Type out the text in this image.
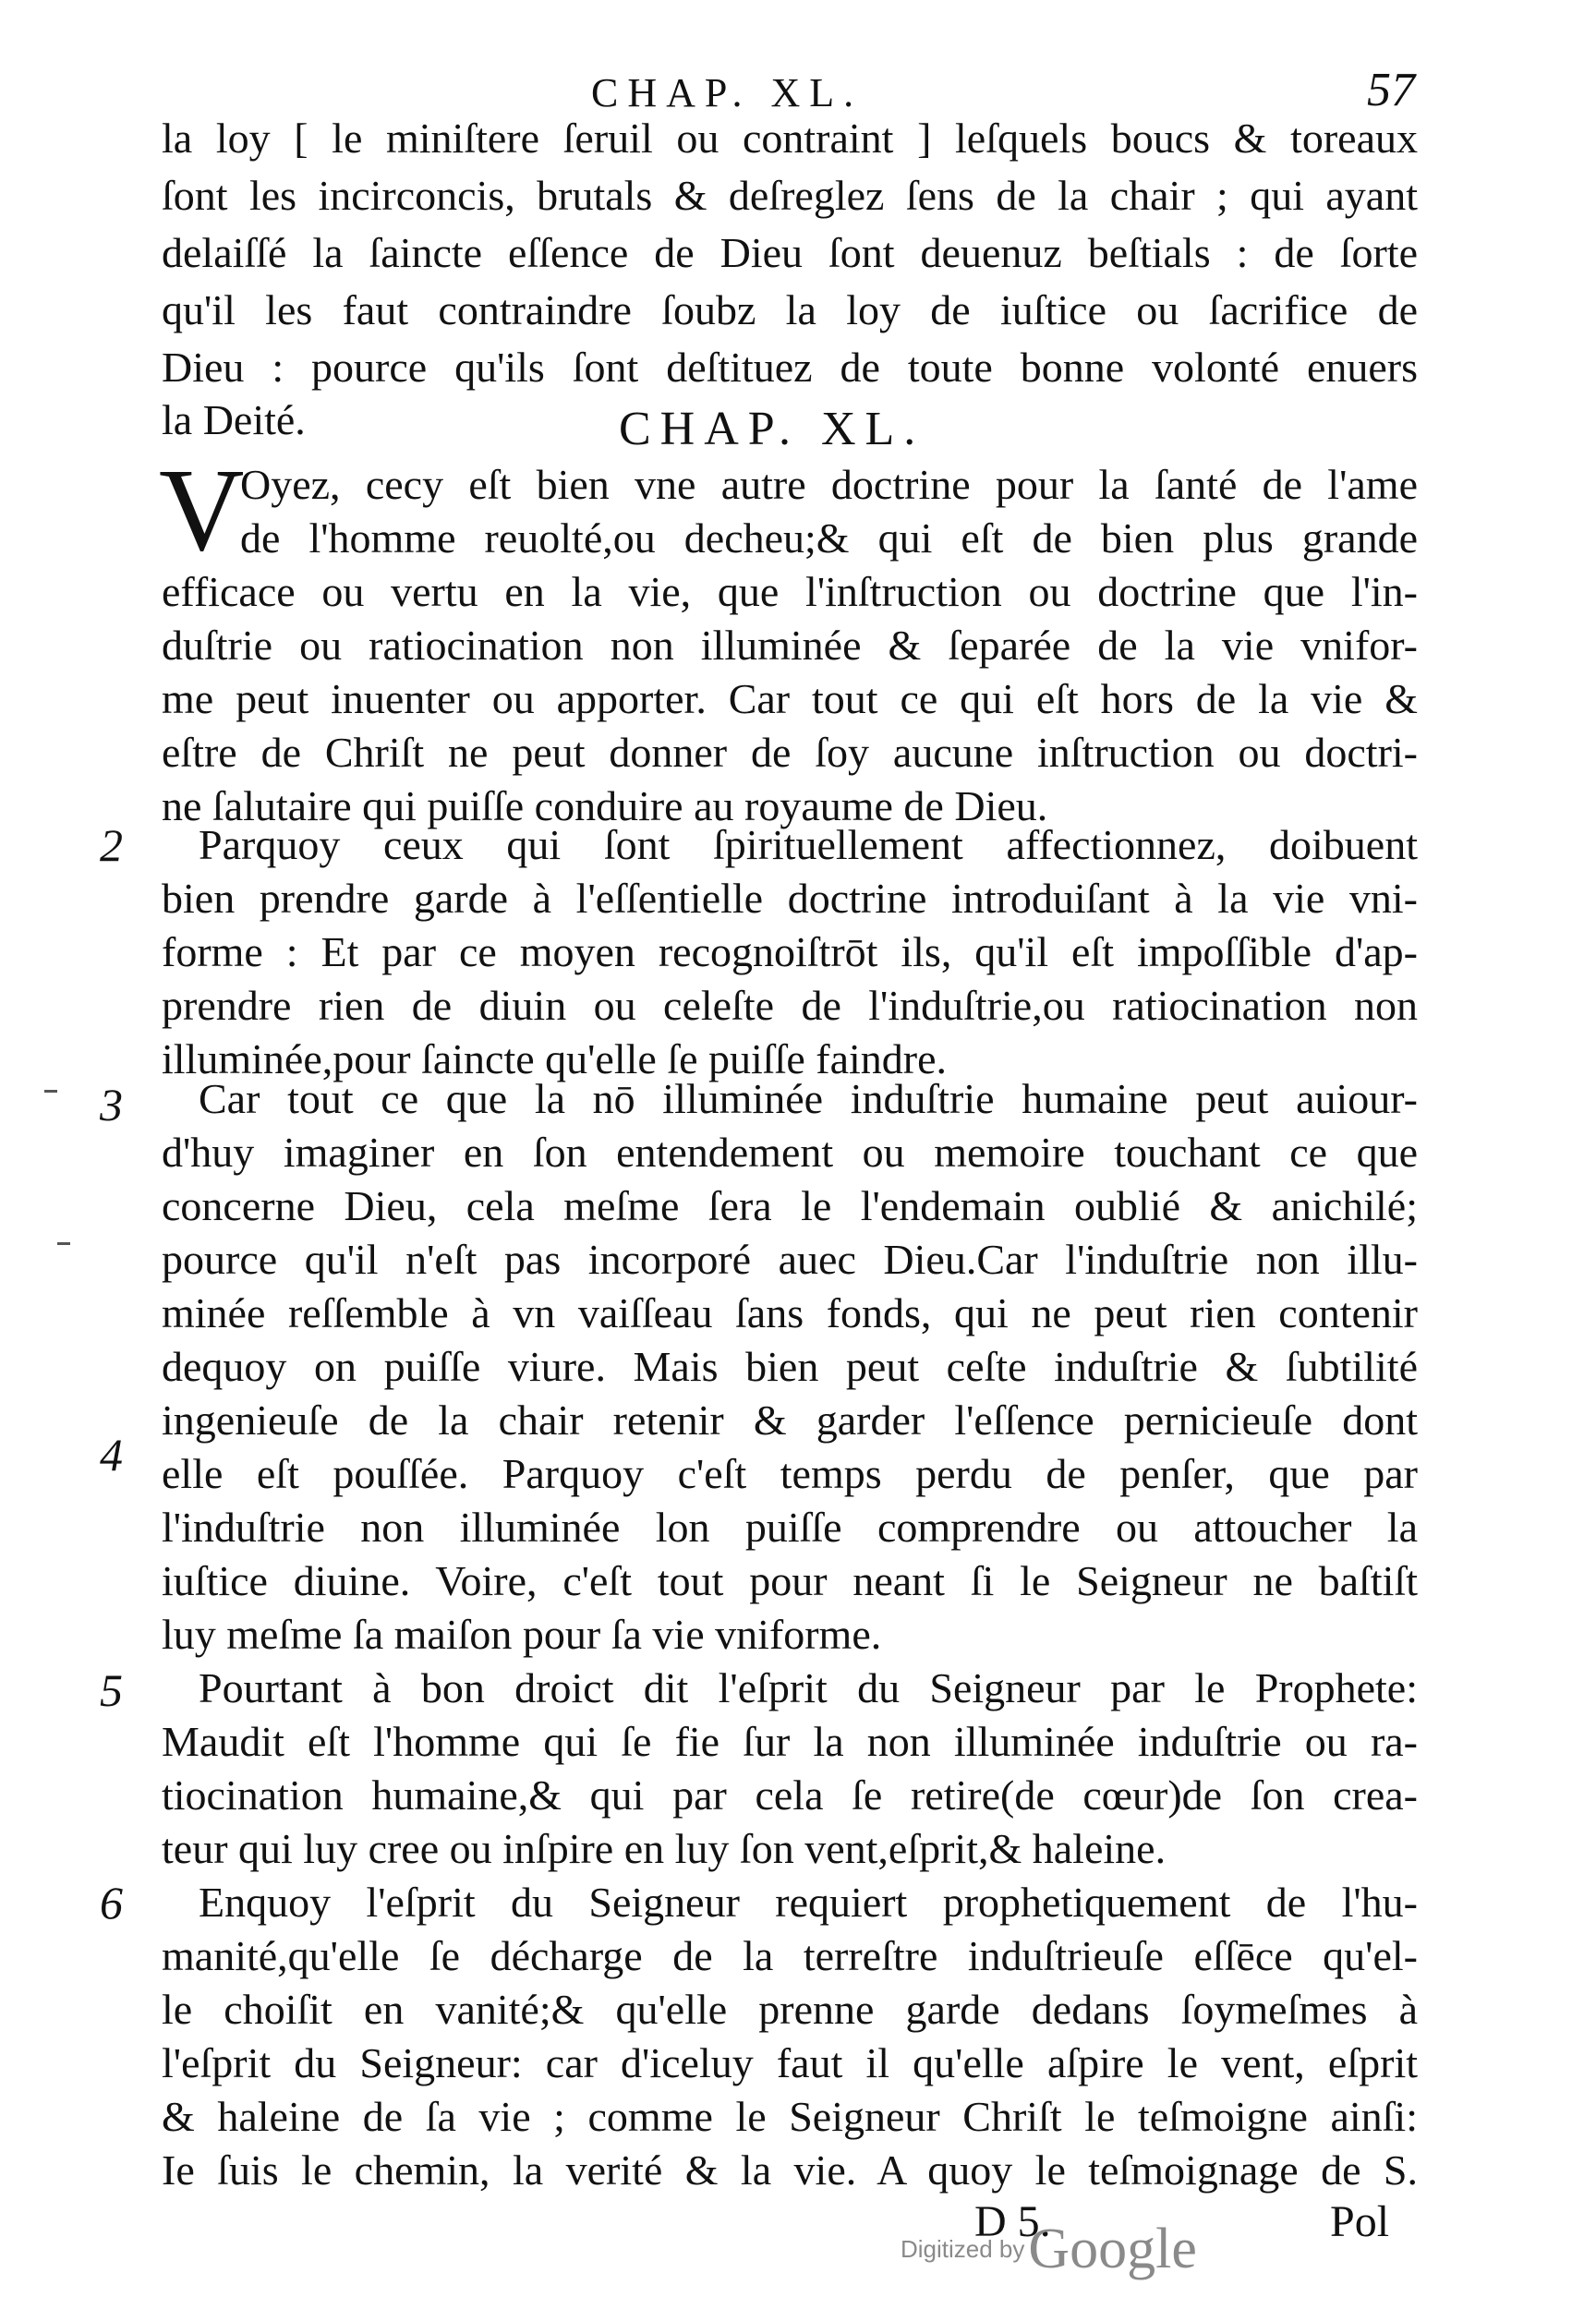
CHAP. XL.	57
la loy [ le miniſtere ſeruil ou contraint ] leſquels boucs & toreaux
ſont les incirconcis, brutals & deſreglez ſens de la chair ; qui ayant
delaiſſé la ſaincte eſſence de Dieu ſont deuenuz beſtials : de ſorte
qu'il les faut contraindre ſoubz la loy de iuſtice ou ſacrifice de
Dieu : pource qu'ils ſont deſtituez de toute bonne volonté enuers
la Deité.	CHAP. XL.
V
Oyez, cecy eſt bien vne autre doctrine pour la ſanté de l'ame
de l'homme reuolté,ou decheu;& qui eſt de bien plus grande
efficace ou vertu en la vie, que l'inſtruction ou doctrine que l'in-
duſtrie ou ratiocination non illuminée & ſeparée de la vie vnifor-
me peut inuenter ou apporter. Car tout ce qui eſt hors de la vie &
eſtre de Chriſt ne peut donner de ſoy aucune inſtruction ou doctri-
ne ſalutaire qui puiſſe conduire au royaume de Dieu.
2 Parquoy ceux qui ſont ſpirituellement affectionnez, doibuent
bien prendre garde à l'eſſentielle doctrine introduiſant à la vie vni-
forme : Et par ce moyen recognoiſtrōt ils, qu'il eſt impoſſible d'ap-
prendre rien de diuin ou celeſte de l'induſtrie,ou ratiocination non
illuminée,pour ſaincte qu'elle ſe puiſſe faindre.
3 Car tout ce que la nō illuminée induſtrie humaine peut auiour-
d'huy imaginer en ſon entendement ou memoire touchant ce que
concerne Dieu, cela meſme ſera le l'endemain oublié & anichilé;
pource qu'il n'eſt pas incorporé auec Dieu.Car l'induſtrie non illu-
minée reſſemble à vn vaiſſeau ſans fonds, qui ne peut rien contenir
dequoy on puiſſe viure. Mais bien peut ceſte induſtrie & ſubtilité
ingenieuſe de la chair retenir & garder l'eſſence pernicieuſe dont
4 elle eſt pouſſée. Parquoy c'eſt temps perdu de penſer, que par
l'induſtrie non illuminée lon puiſſe comprendre ou attoucher la
iuſtice diuine. Voire, c'eſt tout pour neant ſi le Seigneur ne baſtiſt
luy meſme ſa maiſon pour ſa vie vniforme.
5 Pourtant à bon droict dit l'eſprit du Seigneur par le Prophete:
Maudit eſt l'homme qui ſe fie ſur la non illuminée induſtrie ou ra-
tiocination humaine,& qui par cela ſe retire(de cœur)de ſon crea-
teur qui luy cree ou inſpire en luy ſon vent,eſprit,& haleine.
6 Enquoy l'eſprit du Seigneur requiert prophetiquement de l'hu-
manité,qu'elle ſe décharge de la terreſtre induſtrieuſe eſſēce qu'el-
le choiſit en vanité;& qu'elle prenne garde dedans ſoymeſmes à
l'eſprit du Seigneur: car d'iceluy faut il qu'elle aſpire le vent, eſprit
& haleine de ſa vie ; comme le Seigneur Chriſt le teſmoigne ainſi:
Ie ſuis le chemin, la verité & la vie. A quoy le teſmoignage de S.
D 5.	Pol
Digitized by Google
